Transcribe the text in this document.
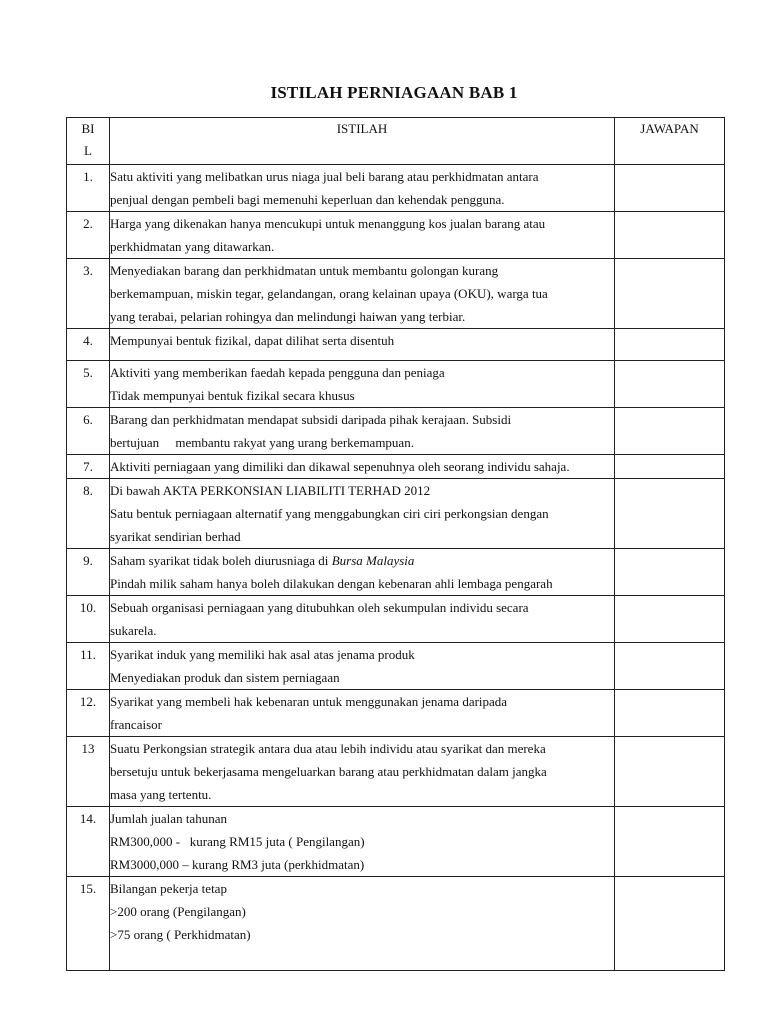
ISTILAH PERNIAGAAN BAB 1
BI
L	ISTILAH	JAWAPAN
1.	Satu aktiviti yang melibatkan urus niaga jual beli barang atau perkhidmatan antara
penjual dengan pembeli bagi memenuhi keperluan dan kehendak pengguna.	

2.	Harga yang dikenakan hanya mencukupi untuk menanggung kos jualan barang atau
perkhidmatan yang ditawarkan.	

3.	Menyediakan barang dan perkhidmatan untuk membantu golongan kurang
berkemampuan, miskin tegar, gelandangan, orang kelainan upaya (OKU), warga tua
yang terabai, pelarian rohingya dan melindungi haiwan yang terbiar.	

4.	Mempunyai bentuk fizikal, dapat dilihat serta disentuh	

5.	Aktiviti yang memberikan faedah kepada pengguna dan peniaga
Tidak mempunyai bentuk fizikal secara khusus	

6.	Barang dan perkhidmatan mendapat subsidi daripada pihak kerajaan. Subsidi
bertujuan     membantu rakyat yang urang berkemampuan.	

7.	Aktiviti perniagaan yang dimiliki dan dikawal sepenuhnya oleh seorang individu sahaja.	

8.	Di bawah AKTA PERKONSIAN LIABILITI TERHAD 2012
Satu bentuk perniagaan alternatif yang menggabungkan ciri ciri perkongsian dengan
syarikat sendirian berhad	

9.	Saham syarikat tidak boleh diurusniaga di Bursa Malaysia
Pindah milik saham hanya boleh dilakukan dengan kebenaran ahli lembaga pengarah	

10.	Sebuah organisasi perniagaan yang ditubuhkan oleh sekumpulan individu secara
sukarela.	

11.	Syarikat induk yang memiliki hak asal atas jenama produk
Menyediakan produk dan sistem perniagaan	

12.	Syarikat yang membeli hak kebenaran untuk menggunakan jenama daripada
francaisor	

13	Suatu Perkongsian strategik antara dua atau lebih individu atau syarikat dan mereka
bersetuju untuk bekerjasama mengeluarkan barang atau perkhidmatan dalam jangka
masa yang tertentu.	

14.	Jumlah jualan tahunan
RM300,000 -   kurang RM15 juta ( Pengilangan)
RM3000,000 – kurang RM3 juta (perkhidmatan)	

15.	Bilangan pekerja tetap
>200 orang (Pengilangan)
>75 orang ( Perkhidmatan)	
